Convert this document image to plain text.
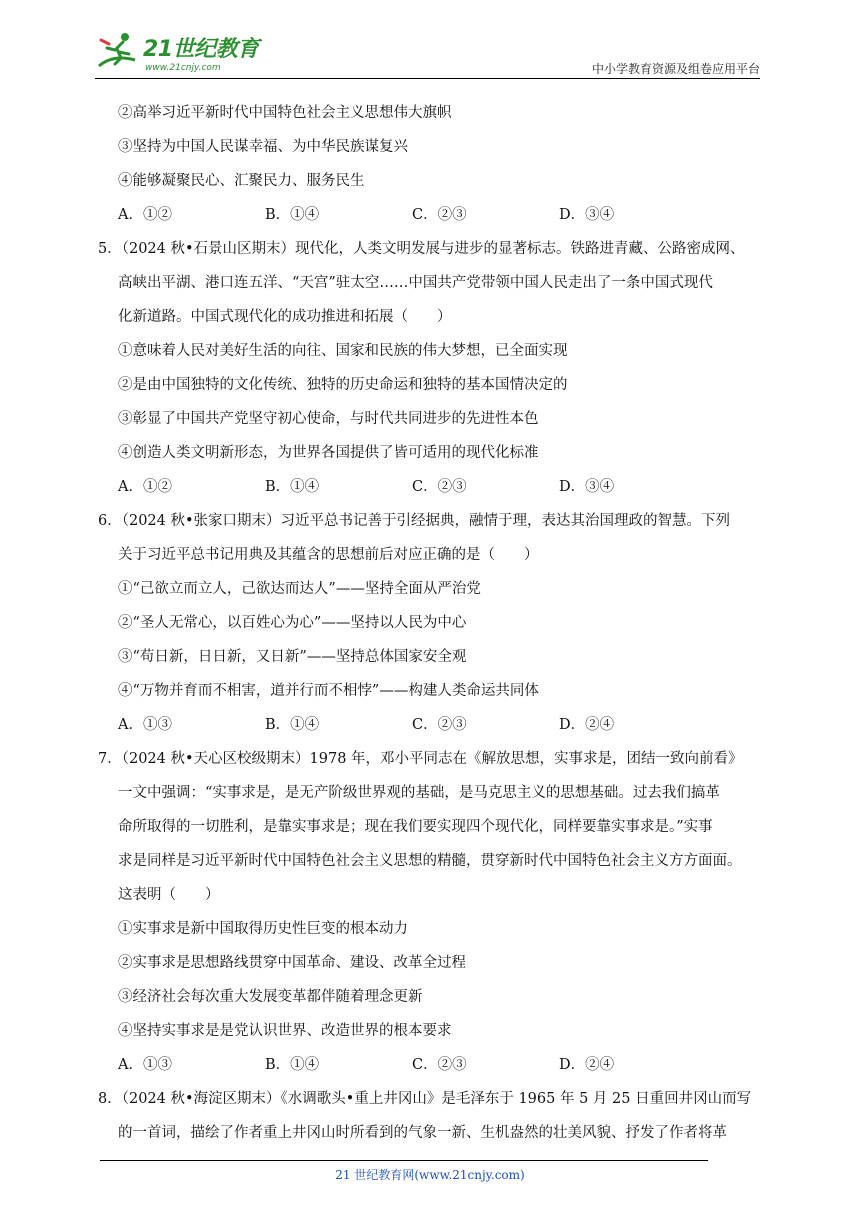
21世纪教育
www.21cnjy.com	中小学教育资源及组卷应用平台
②高举习近平新时代中国特色社会主义思想伟大旗帜
③坚持为中国人民谋幸福、为中华民族谋复兴
④能够凝聚民心、汇聚民力、服务民生
A．①②	B．①④	C．②③	D．③④
5．（2024 秋•石景山区期末）现代化，人类文明发展与进步的显著标志。铁路进青藏、公路密成网、
高峡出平湖、港口连五洋、“天宫”驻太空……中国共产党带领中国人民走出了一条中国式现代
化新道路。中国式现代化的成功推进和拓展（　　）
①意味着人民对美好生活的向往、国家和民族的伟大梦想，已全面实现
②是由中国独特的文化传统、独特的历史命运和独特的基本国情决定的
③彰显了中国共产党坚守初心使命，与时代共同进步的先进性本色
④创造人类文明新形态，为世界各国提供了皆可适用的现代化标准
A．①②	B．①④	C．②③	D．③④
6．（2024 秋•张家口期末）习近平总书记善于引经据典，融情于理，表达其治国理政的智慧。下列
关于习近平总书记用典及其蕴含的思想前后对应正确的是（　　）
①“己欲立而立人，己欲达而达人”——坚持全面从严治党
②“圣人无常心，以百姓心为心”——坚持以人民为中心
③“苟日新，日日新，又日新”——坚持总体国家安全观
④“万物并育而不相害，道并行而不相悖”——构建人类命运共同体
A．①③	B．①④	C．②③	D．②④
7．（2024 秋•天心区校级期末）1978 年，邓小平同志在《解放思想，实事求是，团结一致向前看》
一文中强调：“实事求是，是无产阶级世界观的基础，是马克思主义的思想基础。过去我们搞革
命所取得的一切胜利，是靠实事求是；现在我们要实现四个现代化，同样要靠实事求是。”实事
求是同样是习近平新时代中国特色社会主义思想的精髓，贯穿新时代中国特色社会主义方方面面。
这表明（　　）
①实事求是新中国取得历史性巨变的根本动力
②实事求是思想路线贯穿中国革命、建设、改革全过程
③经济社会每次重大发展变革都伴随着理念更新
④坚持实事求是是党认识世界、改造世界的根本要求
A．①③	B．①④	C．②③	D．②④
8．（2024 秋•海淀区期末）《水调歌头•重上井冈山》是毛泽东于 1965 年 5 月 25 日重回井冈山而写
的一首词，描绘了作者重上井冈山时所看到的气象一新、生机盎然的壮美风貌、抒发了作者将革
21 世纪教育网(www.21cnjy.com)
